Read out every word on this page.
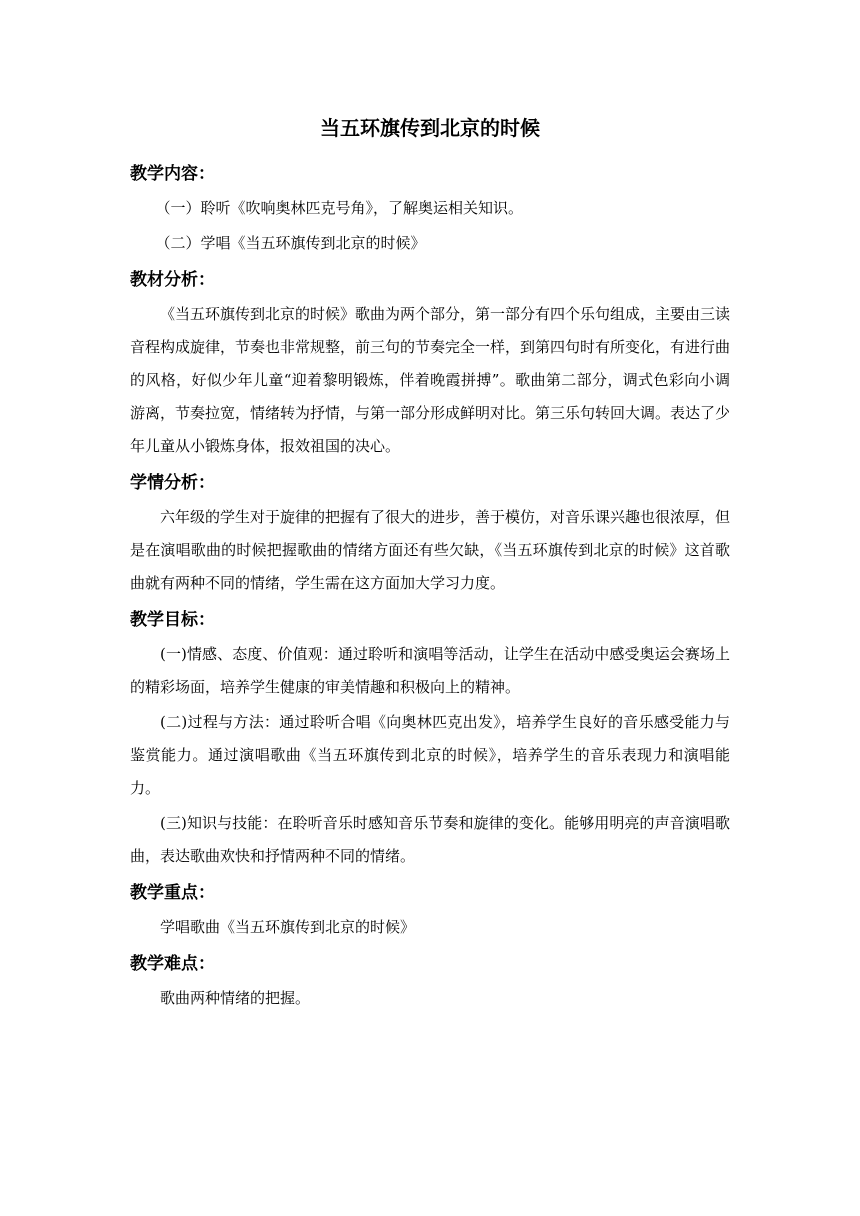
当五环旗传到北京的时候
教学内容：

（一）聆听《吹响奥林匹克号角》，了解奥运相关知识。

（二）学唱《当五环旗传到北京的时候》

教材分析：

《当五环旗传到北京的时候》歌曲为两个部分，第一部分有四个乐句组成，主要由三读音程构成旋律，节奏也非常规整，前三句的节奏完全一样，到第四句时有所变化，有进行曲的风格，好似少年儿童“迎着黎明锻炼，伴着晚霞拼搏”。歌曲第二部分，调式色彩向小调游离，节奏拉宽，情绪转为抒情，与第一部分形成鲜明对比。第三乐句转回大调。表达了少年儿童从小锻炼身体，报效祖国的决心。

学情分析：

六年级的学生对于旋律的把握有了很大的进步，善于模仿，对音乐课兴趣也很浓厚，但是在演唱歌曲的时候把握歌曲的情绪方面还有些欠缺，《当五环旗传到北京的时候》这首歌曲就有两种不同的情绪，学生需在这方面加大学习力度。

教学目标：

(一)情感、态度、价值观：通过聆听和演唱等活动，让学生在活动中感受奥运会赛场上的精彩场面，培养学生健康的审美情趣和积极向上的精神。

(二)过程与方法：通过聆听合唱《向奥林匹克出发》，培养学生良好的音乐感受能力与鉴赏能力。通过演唱歌曲《当五环旗传到北京的时候》，培养学生的音乐表现力和演唱能力。

(三)知识与技能：在聆听音乐时感知音乐节奏和旋律的变化。能够用明亮的声音演唱歌曲，表达歌曲欢快和抒情两种不同的情绪。

教学重点：

学唱歌曲《当五环旗传到北京的时候》

教学难点：

歌曲两种情绪的把握。
